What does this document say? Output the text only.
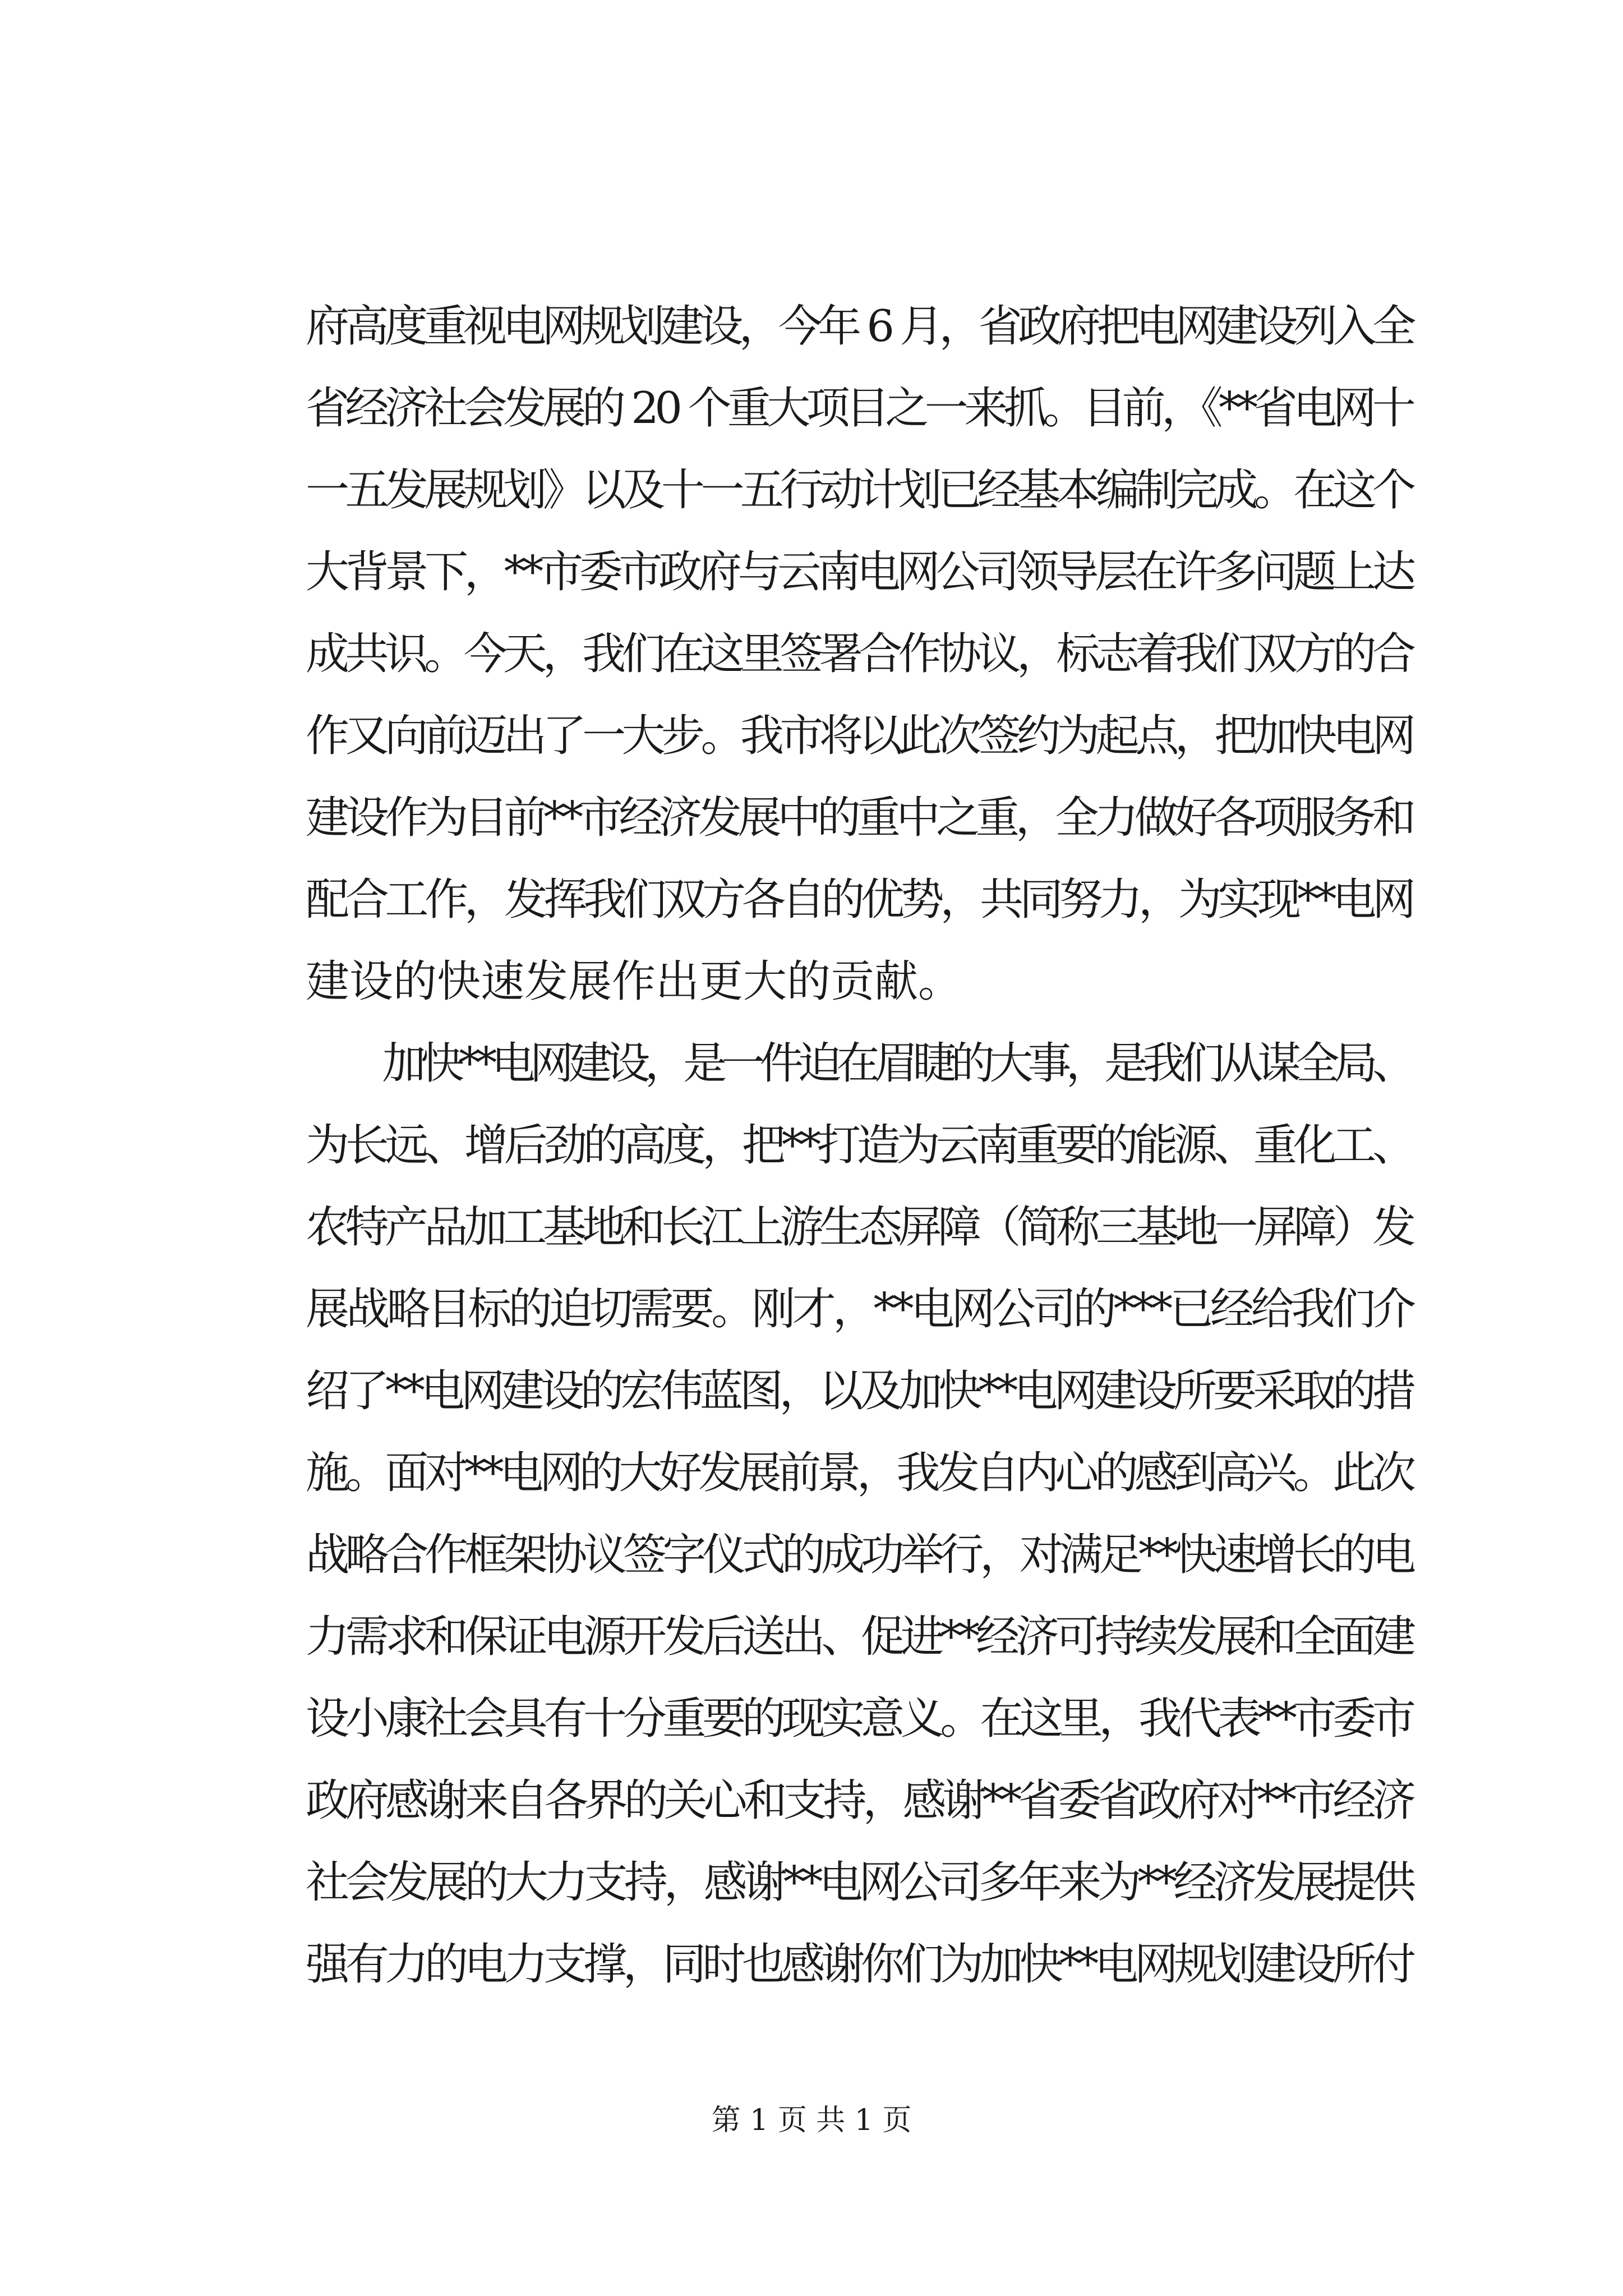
府高度重视电网规划建设，今年 6 月，省政府把电网建设列入全
省经济社会发展的 20 个重大项目之一来抓。目前，《**省电网十
一五发展规划》以及十一五行动计划已经基本编制完成。在这个
大背景下，**市委市政府与云南电网公司领导层在许多问题上达
成共识。今天，我们在这里签署合作协议，标志着我们双方的合
作又向前迈出了一大步。我市将以此次签约为起点，把加快电网
建设作为目前**市经济发展中的重中之重，全力做好各项服务和
配合工作，发挥我们双方各自的优势，共同努力，为实现**电网
建设的快速发展作出更大的贡献。
　　加快**电网建设，是一件迫在眉睫的大事，是我们从谋全局、
为长远、增后劲的高度，把**打造为云南重要的能源、重化工、
农特产品加工基地和长江上游生态屏障（简称三基地一屏障）发
展战略目标的迫切需要。刚才，**电网公司的***已经给我们介
绍了**电网建设的宏伟蓝图，以及加快**电网建设所要采取的措
施。面对**电网的大好发展前景，我发自内心的感到高兴。此次
战略合作框架协议签字仪式的成功举行，对满足**快速增长的电
力需求和保证电源开发后送出、促进**经济可持续发展和全面建
设小康社会具有十分重要的现实意义。在这里，我代表**市委市
政府感谢来自各界的关心和支持，感谢**省委省政府对**市经济
社会发展的大力支持，感谢**电网公司多年来为**经济发展提供
强有力的电力支撑，同时也感谢你们为加快**电网规划建设所付
第 1 页 共 1 页
